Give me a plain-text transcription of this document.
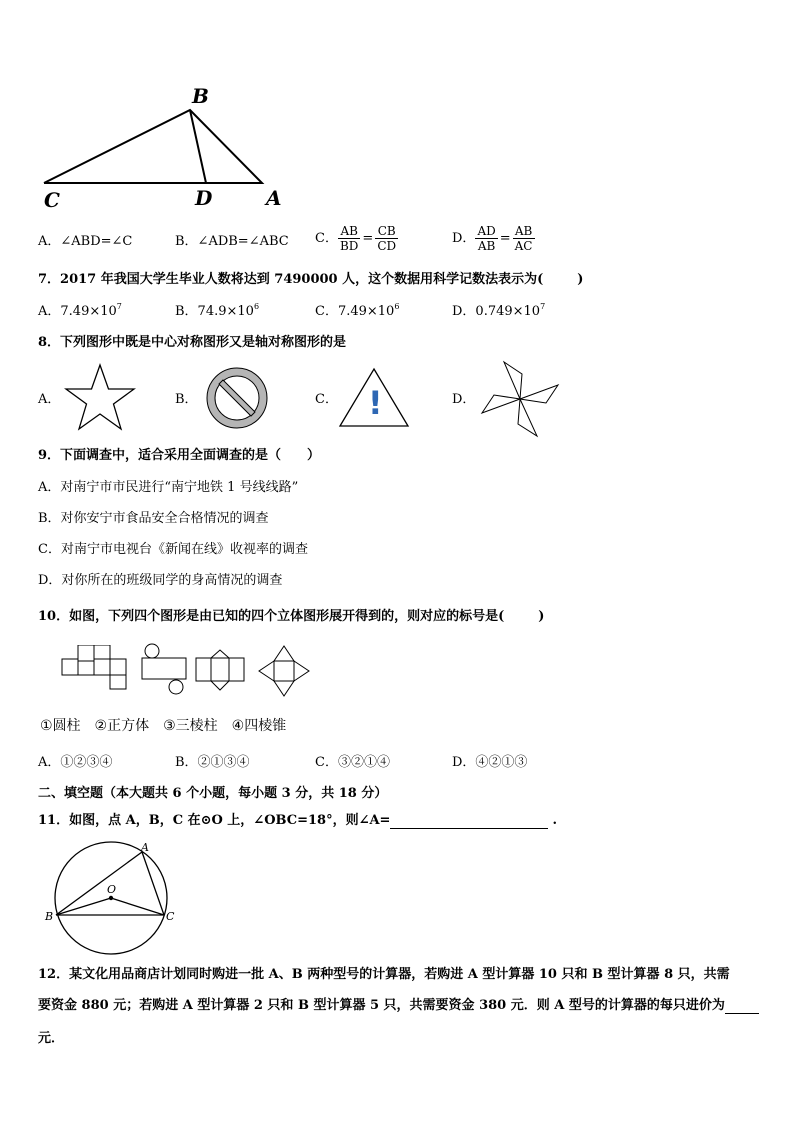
B
C	D	A
A．∠ABD=∠C	B．∠ADB=∠ABC C． $\frac{AB}{BD} = \frac{CB}{CD}$	D． $\frac{AD}{AB} = \frac{AB}{AC}$
7．2017 年我国大学生毕业人数将达到 7490000 人，这个数据用科学记数法表示为(	)
A．$7.49\times 10^7$	B．$74.9\times 10^6$	C．$7.49\times 10^6$	D．$0.749\times 10^7$
8．下列图形中既是中心对称图形又是轴对称图形的是
A．	B．	C． !	D．
9．下面调查中，适合采用全面调查的是（　　）
A．对南宁市市民进行“南宁地铁 1 号线线路”
B．对你安宁市食品安全合格情况的调查
C．对南宁市电视台《新闻在线》收视率的调查
D．对你所在的班级同学的身高情况的调查
10．如图，下列四个图形是由已知的四个立体图形展开得到的，则对应的标号是(	)
①圆柱　②正方体　③三棱柱　④四棱锥
A．①②③④	B．②①③④	C．③②①④	D．④②①③
二、填空题（本大题共 6 个小题，每小题 3 分，共 18 分）
11．如图，点 A，B，C 在⊙O 上，∠OBC=18°，则∠A=	.
A
O
B	C
12．某文化用品商店计划同时购进一批 A、B 两种型号的计算器，若购进 A 型计算器 10 只和 B 型计算器 8 只，共需
要资金 880 元；若购进 A 型计算器 2 只和 B 型计算器 5 只，共需要资金 380 元．则 A 型号的计算器的每只进价为
元．
